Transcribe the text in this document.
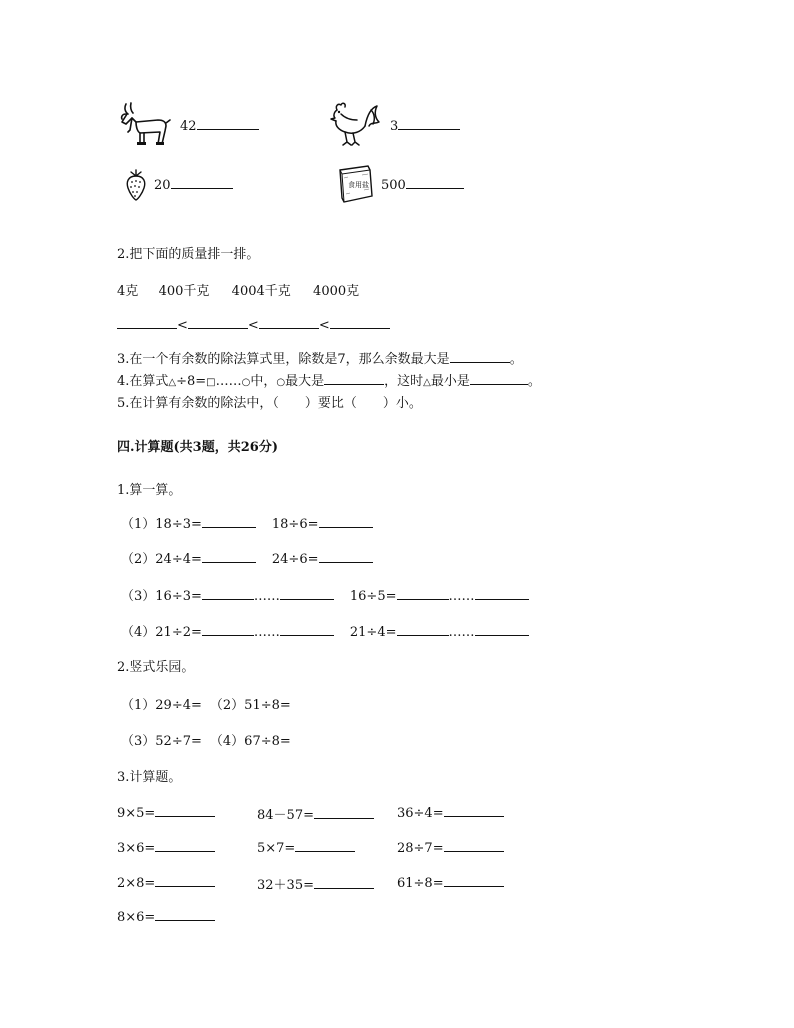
42	3
20	食用盐 500
2.把下面的质量排一排。
4克 400千克 4004千克 4000克
<	<	<
3.在一个有余数的除法算式里，除数是7，那么余数最大是	。
4.在算式△÷8=□……○中，○最大是	，这时△最小是	。
5.在计算有余数的除法中，（　　）要比（　　）小。
四.计算题(共3题，共26分)
1.算一算。
（1）18÷3=	18÷6=
（2）24÷4=	24÷6=
（3）16÷3=	……	16÷5=	……
（4）21÷2=	……	21÷4=	……
2.竖式乐园。
（1）29÷4= （2）51÷8=
（3）52÷7= （4）67÷8=
3.计算题。
9×5=	84－57=	36÷4=
3×6=	5×7=	28÷7=
2×8=	32＋35=	61÷8=
8×6=
